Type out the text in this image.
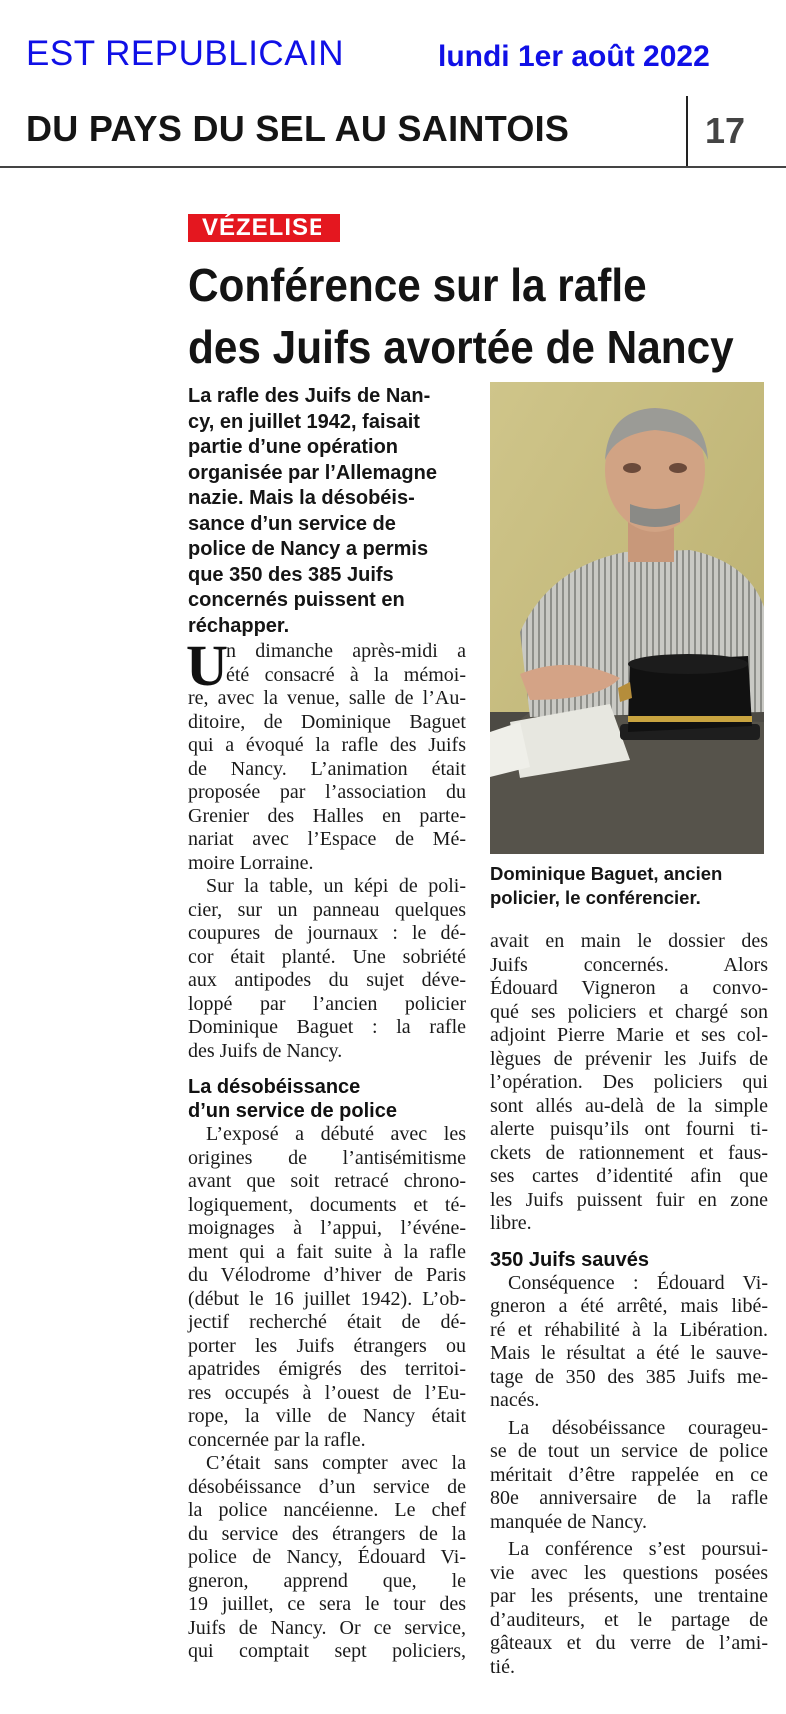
EST REPUBLICAIN	lundi 1er août 2022
DU PAYS DU SEL AU SAINTOIS	17
VÉZELISE
Conférence sur la rafle
des Juifs avortée de Nancy
La rafle des Juifs de Nan-
cy, en juillet 1942, faisait
partie d’une opération
organisée par l’Allemagne
nazie. Mais la désobéis-
sance d’un service de
police de Nancy a permis
que 350 des 385 Juifs
concernés puissent en
réchapper.
Dominique Baguet, ancien
policier, le conférencier.
U
n dimanche après-midi a
été consacré à la mémoi-
re, avec la venue, salle de l’Au-
ditoire, de Dominique Baguet
qui a évoqué la rafle des Juifs
de Nancy. L’animation était
proposée par l’association du
Grenier des Halles en parte-
nariat avec l’Espace de Mé-
moire Lorraine.
Sur la table, un képi de poli-
cier, sur un panneau quelques
coupures de journaux : le dé-
cor était planté. Une sobriété
aux antipodes du sujet déve-
loppé par l’ancien policier
Dominique Baguet : la rafle
des Juifs de Nancy.
La désobéissance
d’un service de police
L’exposé a débuté avec les
origines de l’antisémitisme
avant que soit retracé chrono-
logiquement, documents et té-
moignages à l’appui, l’événe-
ment qui a fait suite à la rafle
du Vélodrome d’hiver de Paris
(début le 16 juillet 1942). L’ob-
jectif recherché était de dé-
porter les Juifs étrangers ou
apatrides émigrés des territoi-
res occupés à l’ouest de l’Eu-
rope, la ville de Nancy était
concernée par la rafle.
C’était sans compter avec la
désobéissance d’un service de
la police nancéienne. Le chef
du service des étrangers de la
police de Nancy, Édouard Vi-
gneron, apprend que, le
19 juillet, ce sera le tour des
Juifs de Nancy. Or ce service,
qui comptait sept policiers,
avait en main le dossier des
Juifs concernés. Alors
Édouard Vigneron a convo-
qué ses policiers et chargé son
adjoint Pierre Marie et ses col-
lègues de prévenir les Juifs de
l’opération. Des policiers qui
sont allés au-delà de la simple
alerte puisqu’ils ont fourni ti-
ckets de rationnement et faus-
ses cartes d’identité afin que
les Juifs puissent fuir en zone
libre.
350 Juifs sauvés
Conséquence : Édouard Vi-
gneron a été arrêté, mais libé-
ré et réhabilité à la Libération.
Mais le résultat a été le sauve-
tage de 350 des 385 Juifs me-
nacés.
La désobéissance courageu-
se de tout un service de police
méritait d’être rappelée en ce
80e anniversaire de la rafle
manquée de Nancy.
La conférence s’est poursui-
vie avec les questions posées
par les présents, une trentaine
d’auditeurs, et le partage de
gâteaux et du verre de l’ami-
tié.
